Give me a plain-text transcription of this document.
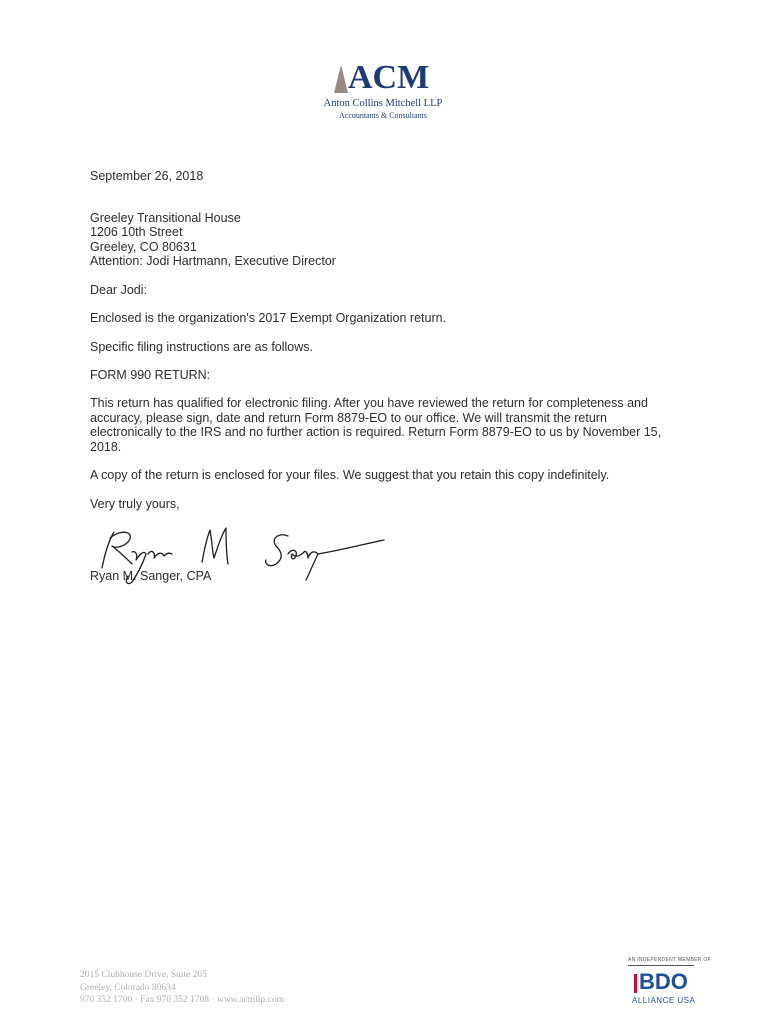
ACM
Anton Collins Mitchell LLP
Accountants & Consultants
September 26, 2018
Greeley Transitional House
1206 10th Street
Greeley, CO 80631
Attention: Jodi Hartmann, Executive Director
Dear Jodi:
Enclosed is the organization's 2017 Exempt Organization return.
Specific filing instructions are as follows.
FORM 990 RETURN:
This return has qualified for electronic filing. After you have reviewed the return for completeness and accuracy, please sign, date and return Form 8879-EO to our office. We will transmit the return electronically to the IRS and no further action is required. Return Form 8879-EO to us by November 15, 2018.
A copy of the return is enclosed for your files. We suggest that you retain this copy indefinitely.
Very truly yours,
Ryan M. Sanger, CPA
2015 Clubhouse Drive, Suite 205
Greeley, Colorado 80634
970 352 1700 · Fax 970 352 1708 · www.acmllp.com
AN INDEPENDENT MEMBER OF
BDO
ALLIANCE USA
